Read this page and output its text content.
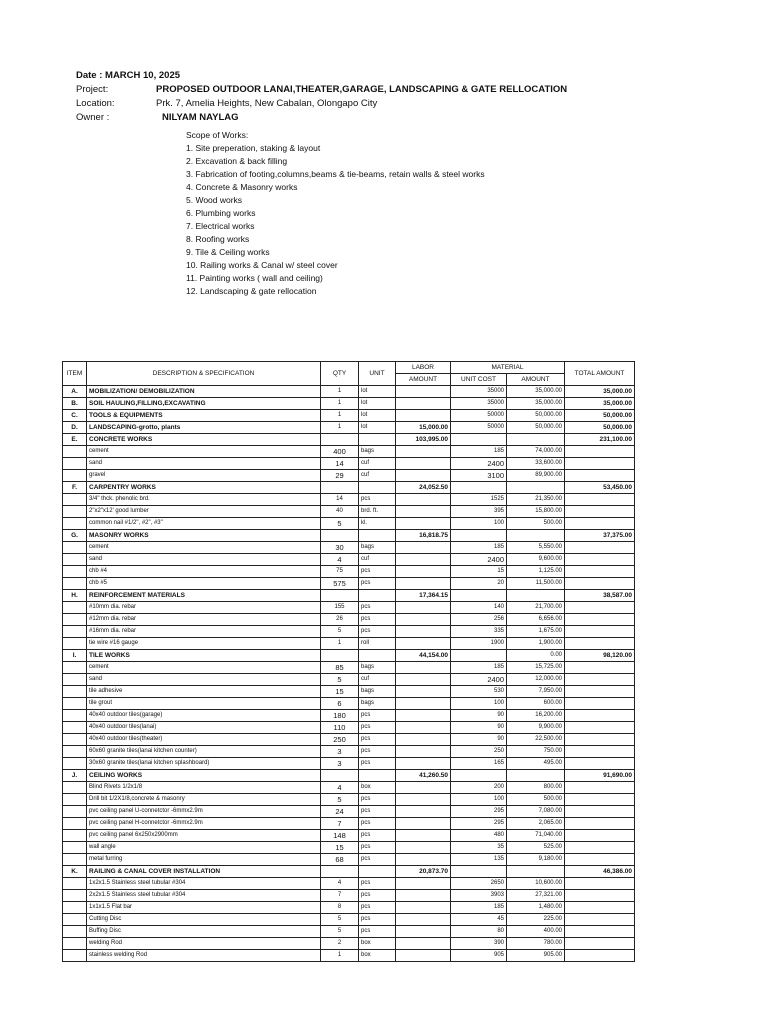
Date : MARCH 10, 2025
Project:	PROPOSED OUTDOOR LANAI,THEATER,GARAGE, LANDSCAPING & GATE RELLOCATION
Location:	Prk. 7, Amelia Heights, New Cabalan, Olongapo City
Owner :	NILYAM NAYLAG
Scope of Works:
1. Site preperation, staking & layout
2. Excavation & back filling
3. Fabrication of footing,columns,beams & tie-beams, retain walls & steel works
4. Concrete & Masonry works
5. Wood works
6. Plumbing works
7. Electrical works
8. Roofing works
9. Tile & Ceiling works
10. Railing works & Canal w/ steel cover
11. Painting works ( wall and ceiling)
12. Landscaping & gate rellocation
ITEM	DESCRIPTION & SPECIFICATION	QTY	UNIT	LABOR	MATERIAL		TOTAL AMOUNT
				AMOUNT	UNIT COST	AMOUNT	
A.	MOBILIZATION/ DEMOBILIZATION	1	lot		35000	35,000.00	35,000.00
B.	SOIL HAULING,FILLING,EXCAVATING	1	lot		35000	35,000.00	35,000.00
C.	TOOLS & EQUIPMENTS	1	lot		50000	50,000.00	50,000.00
D.	LANDSCAPING-grotto, plants	1	lot	15,000.00	50000	50,000.00	50,000.00
E.	CONCRETE WORKS			103,995.00			231,100.00
	cement	400	bags		185	74,000.00	
	sand	14	cuf		2400	33,600.00	
	gravel	29	cuf		3100	89,900.00	
F.	CARPENTRY WORKS			24,052.50			53,450.00
	3/4" thck. phenolic brd.	14	pcs		1525	21,350.00	
	2"x2"x12' good lumber	40	brd. ft.		395	15,800.00	
	common nail #1/2", #2", #3"	5	kl.		100	500.00	
G.	MASONRY WORKS			16,818.75			37,375.00
	cement	30	bags		185	5,550.00	
	sand	4	cuf		2400	9,600.00	
	chb #4	75	pcs		15	1,125.00	
	chb #5	575	pcs		20	11,500.00	
H.	REINFORCEMENT MATERIALS			17,364.15			38,587.00
	#10mm dia. rebar	155	pcs		140	21,700.00	
	#12mm dia. rebar	26	pcs		256	6,656.00	
	#16mm dia. rebar	5	pcs		335	1,675.00	
	tie wire #16 gauge	1	roll		1900	1,900.00	
I.	TILE WORKS			44,154.00		0.00	98,120.00
	cement	85	bags		185	15,725.00	
	sand	5	cuf		2400	12,000.00	
	tile adhesive	15	bags		530	7,950.00	
	tile grout	6	bags		100	600.00	
	40x40 outdoor tiles(garage)	180	pcs		90	16,200.00	
	40x40 outdoor tiles(lanai)	110	pcs		90	9,900.00	
	40x40 outdoor tiles(theater)	250	pcs		90	22,500.00	
	60x60 granite tiles(lanai kitchen counter)	3	pcs		250	750.00	
	30x60 granite tiles(lanai kitchen splashboard)	3	pcs		165	495.00	
J.	CEILING WORKS			41,260.50			91,690.00
	Blind Rivets 1/2x1/8	4	box		200	800.00	
	Drill bit 1/2X1/8,concrete & masonry	5	pcs		100	500.00	
	pvc ceiling panel U-connetctor -6mmx2.9m	24	pcs		295	7,080.00	
	pvc ceiling panel H-connetctor -6mmx2.9m	7	pcs		295	2,065.00	
	pvc ceiling panel 6x250x2900mm	148	pcs		480	71,040.00	
	wall angle	15	pcs		35	525.00	
	metal furring	68	pcs		135	9,180.00	
K.	RAILING & CANAL COVER INSTALLATION			20,873.70			46,386.00
	1x2x1.5 Stainless steel tubular #304	4	pcs		2650	10,600.00	
	2x2x1.5 Stainless steel tubular #304	7	pcs		3903	27,321.00	
	1x1x1.5 Flat bar	8	pcs		185	1,480.00	
	Cutting Disc	5	pcs		45	225.00	
	Buffing Disc	5	pcs		80	400.00	
	welding Rod	2	box		390	780.00	
	stainless welding Rod	1	box		905	905.00	
